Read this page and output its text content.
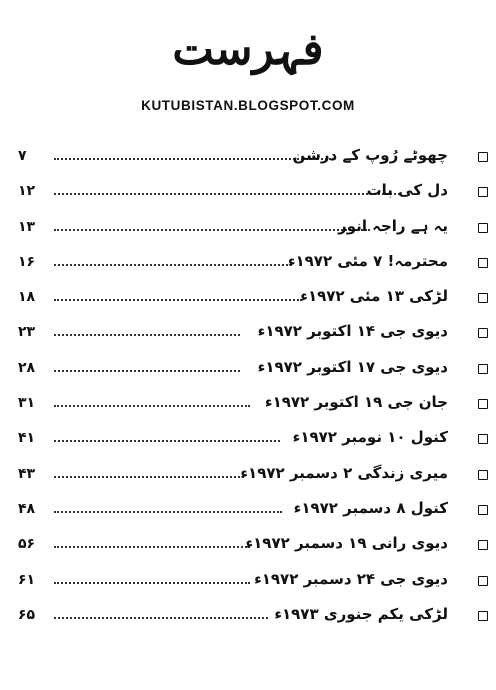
فہرست
KUTUBISTAN.BLOGSPOT.COM
۷	چھوٹے رُوپ کے درشن
۱۲	دل کی بات
۱۳	یہ ہے راجہ انور
۱۶	محترمہ! ۷ مئی ۱۹۷۲ء
۱۸	لڑکی ۱۳ مئی ۱۹۷۲ء
۲۳	دیوی جی ۱۴ اکتوبر ۱۹۷۲ء
۲۸	دیوی جی ۱۷ اکتوبر ۱۹۷۲ء
۳۱	جان جی ۱۹ اکتوبر ۱۹۷۲ء
۴۱	کنول ۱۰ نومبر ۱۹۷۲ء
۴۳	میری زندگی ۲ دسمبر ۱۹۷۲ء
۴۸	کنول ۸ دسمبر ۱۹۷۲ء
۵۶	دیوی رانی ۱۹ دسمبر ۱۹۷۲ء
۶۱	دیوی جی ۲۴ دسمبر ۱۹۷۲ء
۶۵	لڑکی یکم جنوری ۱۹۷۳ء
